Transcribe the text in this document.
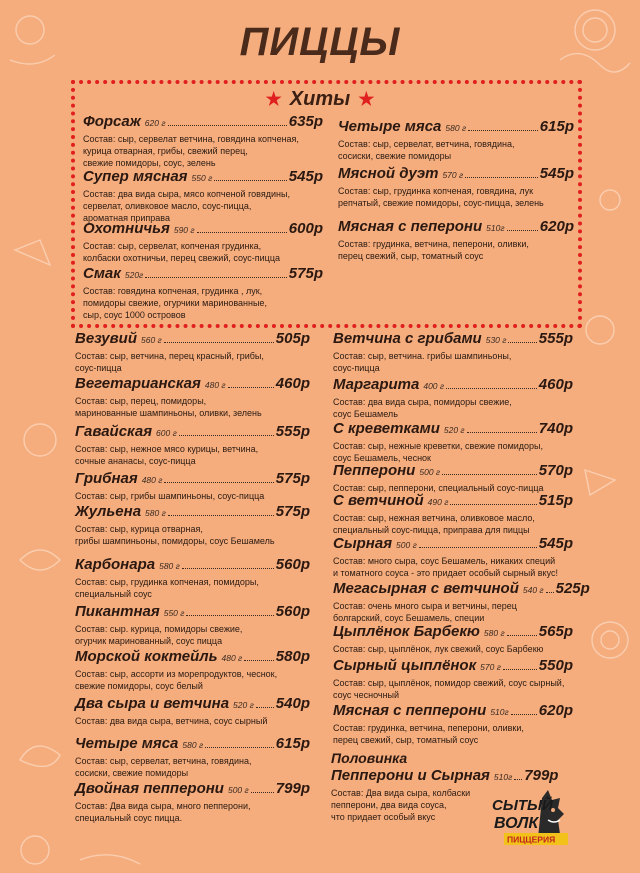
ПИЦЦЫ
★ Хиты ★
Форсаж 620 г	635р
Состав: сыр, сервелат ветчина, говядина копченая,
курица отварная, грибы, свежий перец,
свежие помидоры, соус, зелень
Супер мясная 550 г	545р
Состав: два вида сыра, мясо копченой говядины,
сервелат, оливковое масло, соус-пицца,
ароматная приправа
Охотничья 590 г	600р
Состав: сыр, сервелат, копченая грудинка,
колбаски охотничьи, перец свежий, соус-пицца
Смак 520г	575р
Состав: говядина копченая, грудинка , лук,
помидоры свежие, огурчики маринованные,
сыр, соус 1000 островов
Четыре мяса 580 г	615р
Состав: сыр, сервелат, ветчина, говядина,
сосиски, свежие помидоры
Мясной дуэт 570 г	545р
Состав: сыр, грудинка копченая, говядина, лук
репчатый, свежие помидоры, соус-пицца, зелень
Мясная с пеперони 510г 620р
Состав: грудинка, ветчина, пеперони, оливки,
перец свежий, сыр, томатный соус
Везувий 560 г	505р
Состав: сыр, ветчина, перец красный, грибы,
соус-пицца
Вегетарианская 480 г	460р
Состав: сыр, перец, помидоры,
маринованные шампиньоны, оливки, зелень
Гавайская 600 г	555р
Состав: сыр, нежное мясо курицы, ветчина,
сочные ананасы, соус-пицца
Грибная 480 г	575р
Состав: сыр, грибы шампиньоны, соус-пицца
Жульена 580 г	575р
Состав: сыр, курица отварная,
грибы шампиньоны, помидоры, соус Бешамель
Карбонара 580 г	560р
Состав: сыр, грудинка копченая, помидоры,
специальный соус
Пикантная 550 г	560р
Состав: сыр. курица, помидоры свежие,
огурчик маринованный, соус пицца
Морской коктейль 480 г 580р
Состав: сыр, ассорти из морепродуктов, чеснок,
свежие помидоры, соус белый
Два сыра и ветчина 520 г 540р
Состав: два вида сыра, ветчина, соус сырный
Четыре мяса 580 г	615р
Состав: сыр, сервелат, ветчина, говядина,
сосиски, свежие помидоры
Двойная пепперони 500 г 799р
Состав: Два вида сыра, много пепперони,
специальный соус пицца.
Ветчина с грибами 530 г 555р
Состав: сыр, ветчина. грибы шампиньоны,
соус-пицца
Маргарита 400 г	460р
Состав: два вида сыра, помидоры свежие,
соус Бешамель
С креветками 520 г	740р
Состав: сыр, нежные креветки, свежие помидоры,
соус Бешамель, чеснок
Пепперони 500 г	570р
Состав: сыр, пепперони, специальный соус-пицца
С ветчиной 490 г	515р
Состав: сыр, нежная ветчина, оливковое масло,
специальный соус-пицца, приправа для пиццы
Сырная 500 г	545р
Состав: много сыра, соус Бешамель, никаких специй
и томатного соуса - это придает особый сырный вкус!
Мегасырная с ветчиной 540 г 525р
Состав: очень много сыра и ветчины, перец
болгарский, соус Бешамель, специи
Цыплёнок Барбекю 580 г 565р
Состав: сыр, цыплёнок, лук свежий, соус Барбекю
Сырный цыплёнок 570 г	550р
Состав: сыр, цыплёнок, помидор свежий, соус сырный,
соус чесночный
Мясная с пепперони 510г 620р
Состав: грудинка, ветчина, пеперони, оливки,
перец свежий, сыр, томатный соус
Половинка
Пепперони и Сырная 510г 799р
Состав: Два вида сыра, колбаски
пепперони, два вида соуса,
что придает особый вкус
СЫТЫЙ
ВОЛК
ПИЦЦЕРИЯ
